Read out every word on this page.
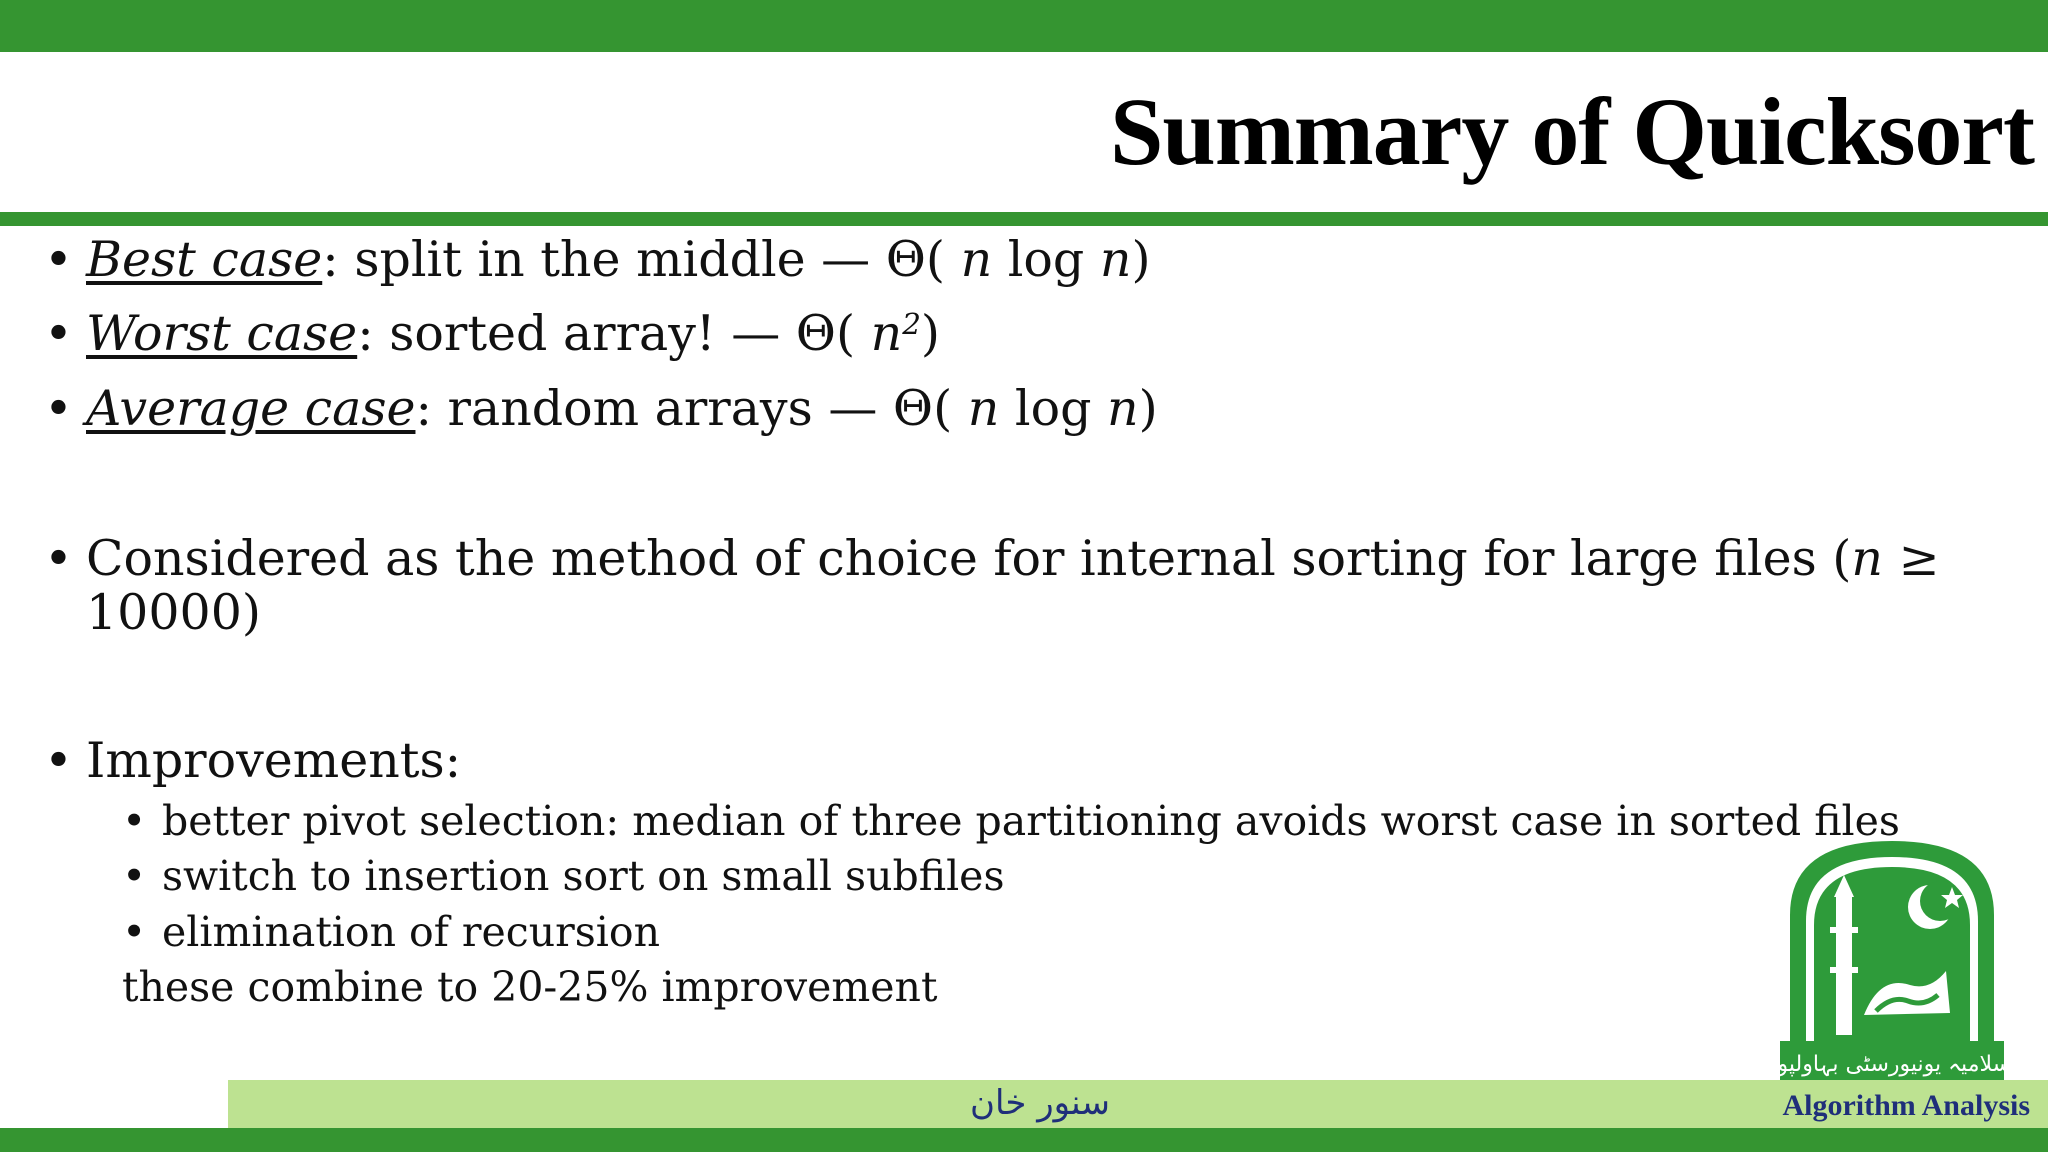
Summary of Quicksort
• Best case: split in the middle — Θ( n log n)
• Worst case: sorted array! — Θ( $n^2$)
• Average case: random arrays — Θ( n log n)
• Considered as the method of choice for internal sorting for large files (n ≥
10000)
• Improvements:
• better pivot selection: median of three partitioning avoids worst case in sorted files
• switch to insertion sort on small subfiles
• elimination of recursion
these combine to 20-25% improvement
اسلامیہ یونیورسٹی بہاولپور
سنور خان	Algorithm Analysis
